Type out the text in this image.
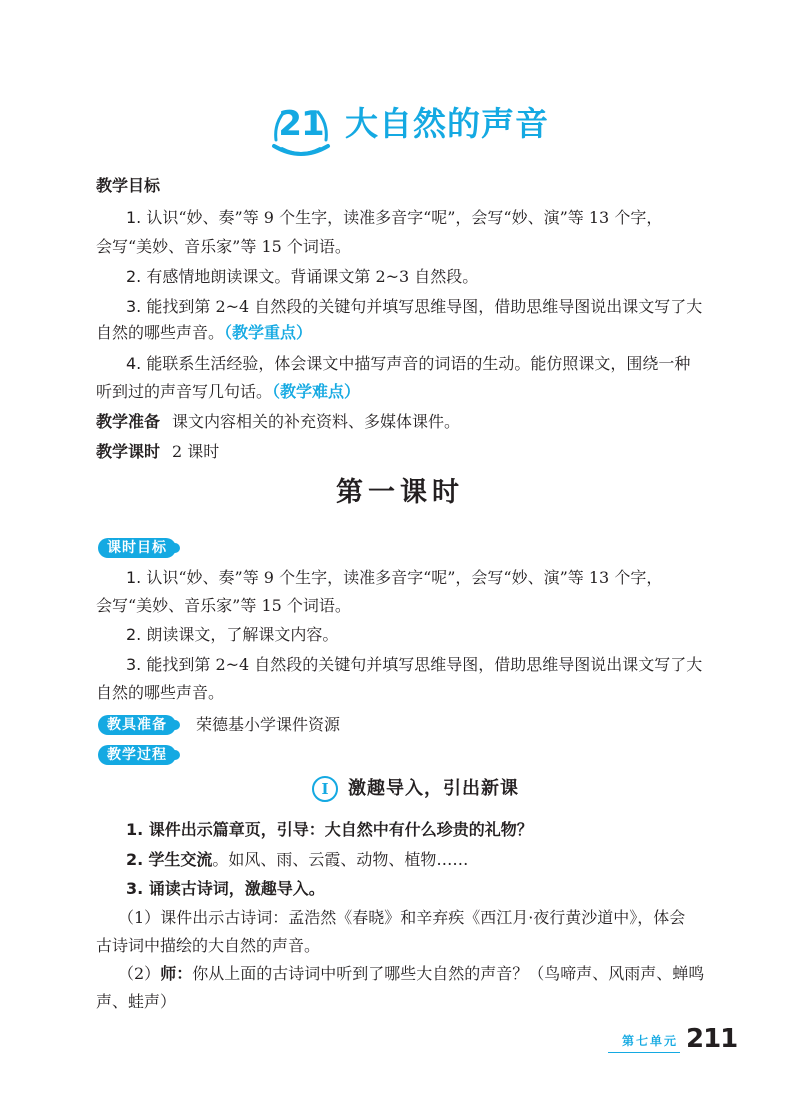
21 大自然的声音
教学目标
1. 认识“妙、奏”等 9 个生字，读准多音字“呢”，会写“妙、演”等 13 个字，
会写“美妙、音乐家”等 15 个词语。
2. 有感情地朗读课文。背诵课文第 2~3 自然段。
3. 能找到第 2~4 自然段的关键句并填写思维导图，借助思维导图说出课文写了大
自然的哪些声音。（教学重点）
4. 能联系生活经验，体会课文中描写声音的词语的生动。能仿照课文，围绕一种
听到过的声音写几句话。（教学难点）
教学准备 课文内容相关的补充资料、多媒体课件。
教学课时 2 课时
第一课时
课时目标
1. 认识“妙、奏”等 9 个生字，读准多音字“呢”，会写“妙、演”等 13 个字，
会写“美妙、音乐家”等 15 个词语。
2. 朗读课文，了解课文内容。
3. 能找到第 2~4 自然段的关键句并填写思维导图，借助思维导图说出课文写了大
自然的哪些声音。
教具准备	荣德基小学课件资源
教学过程
I	激趣导入，引出新课
1. 课件出示篇章页，引导：大自然中有什么珍贵的礼物？
2. 学生交流。如风、雨、云霞、动物、植物……
3. 诵读古诗词，激趣导入。
（1）课件出示古诗词：孟浩然《春晓》和辛弃疾《西江月·夜行黄沙道中》，体会
古诗词中描绘的大自然的声音。
（2）师：你从上面的古诗词中听到了哪些大自然的声音？（鸟啼声、风雨声、蝉鸣
声、蛙声）
第七单元 211
